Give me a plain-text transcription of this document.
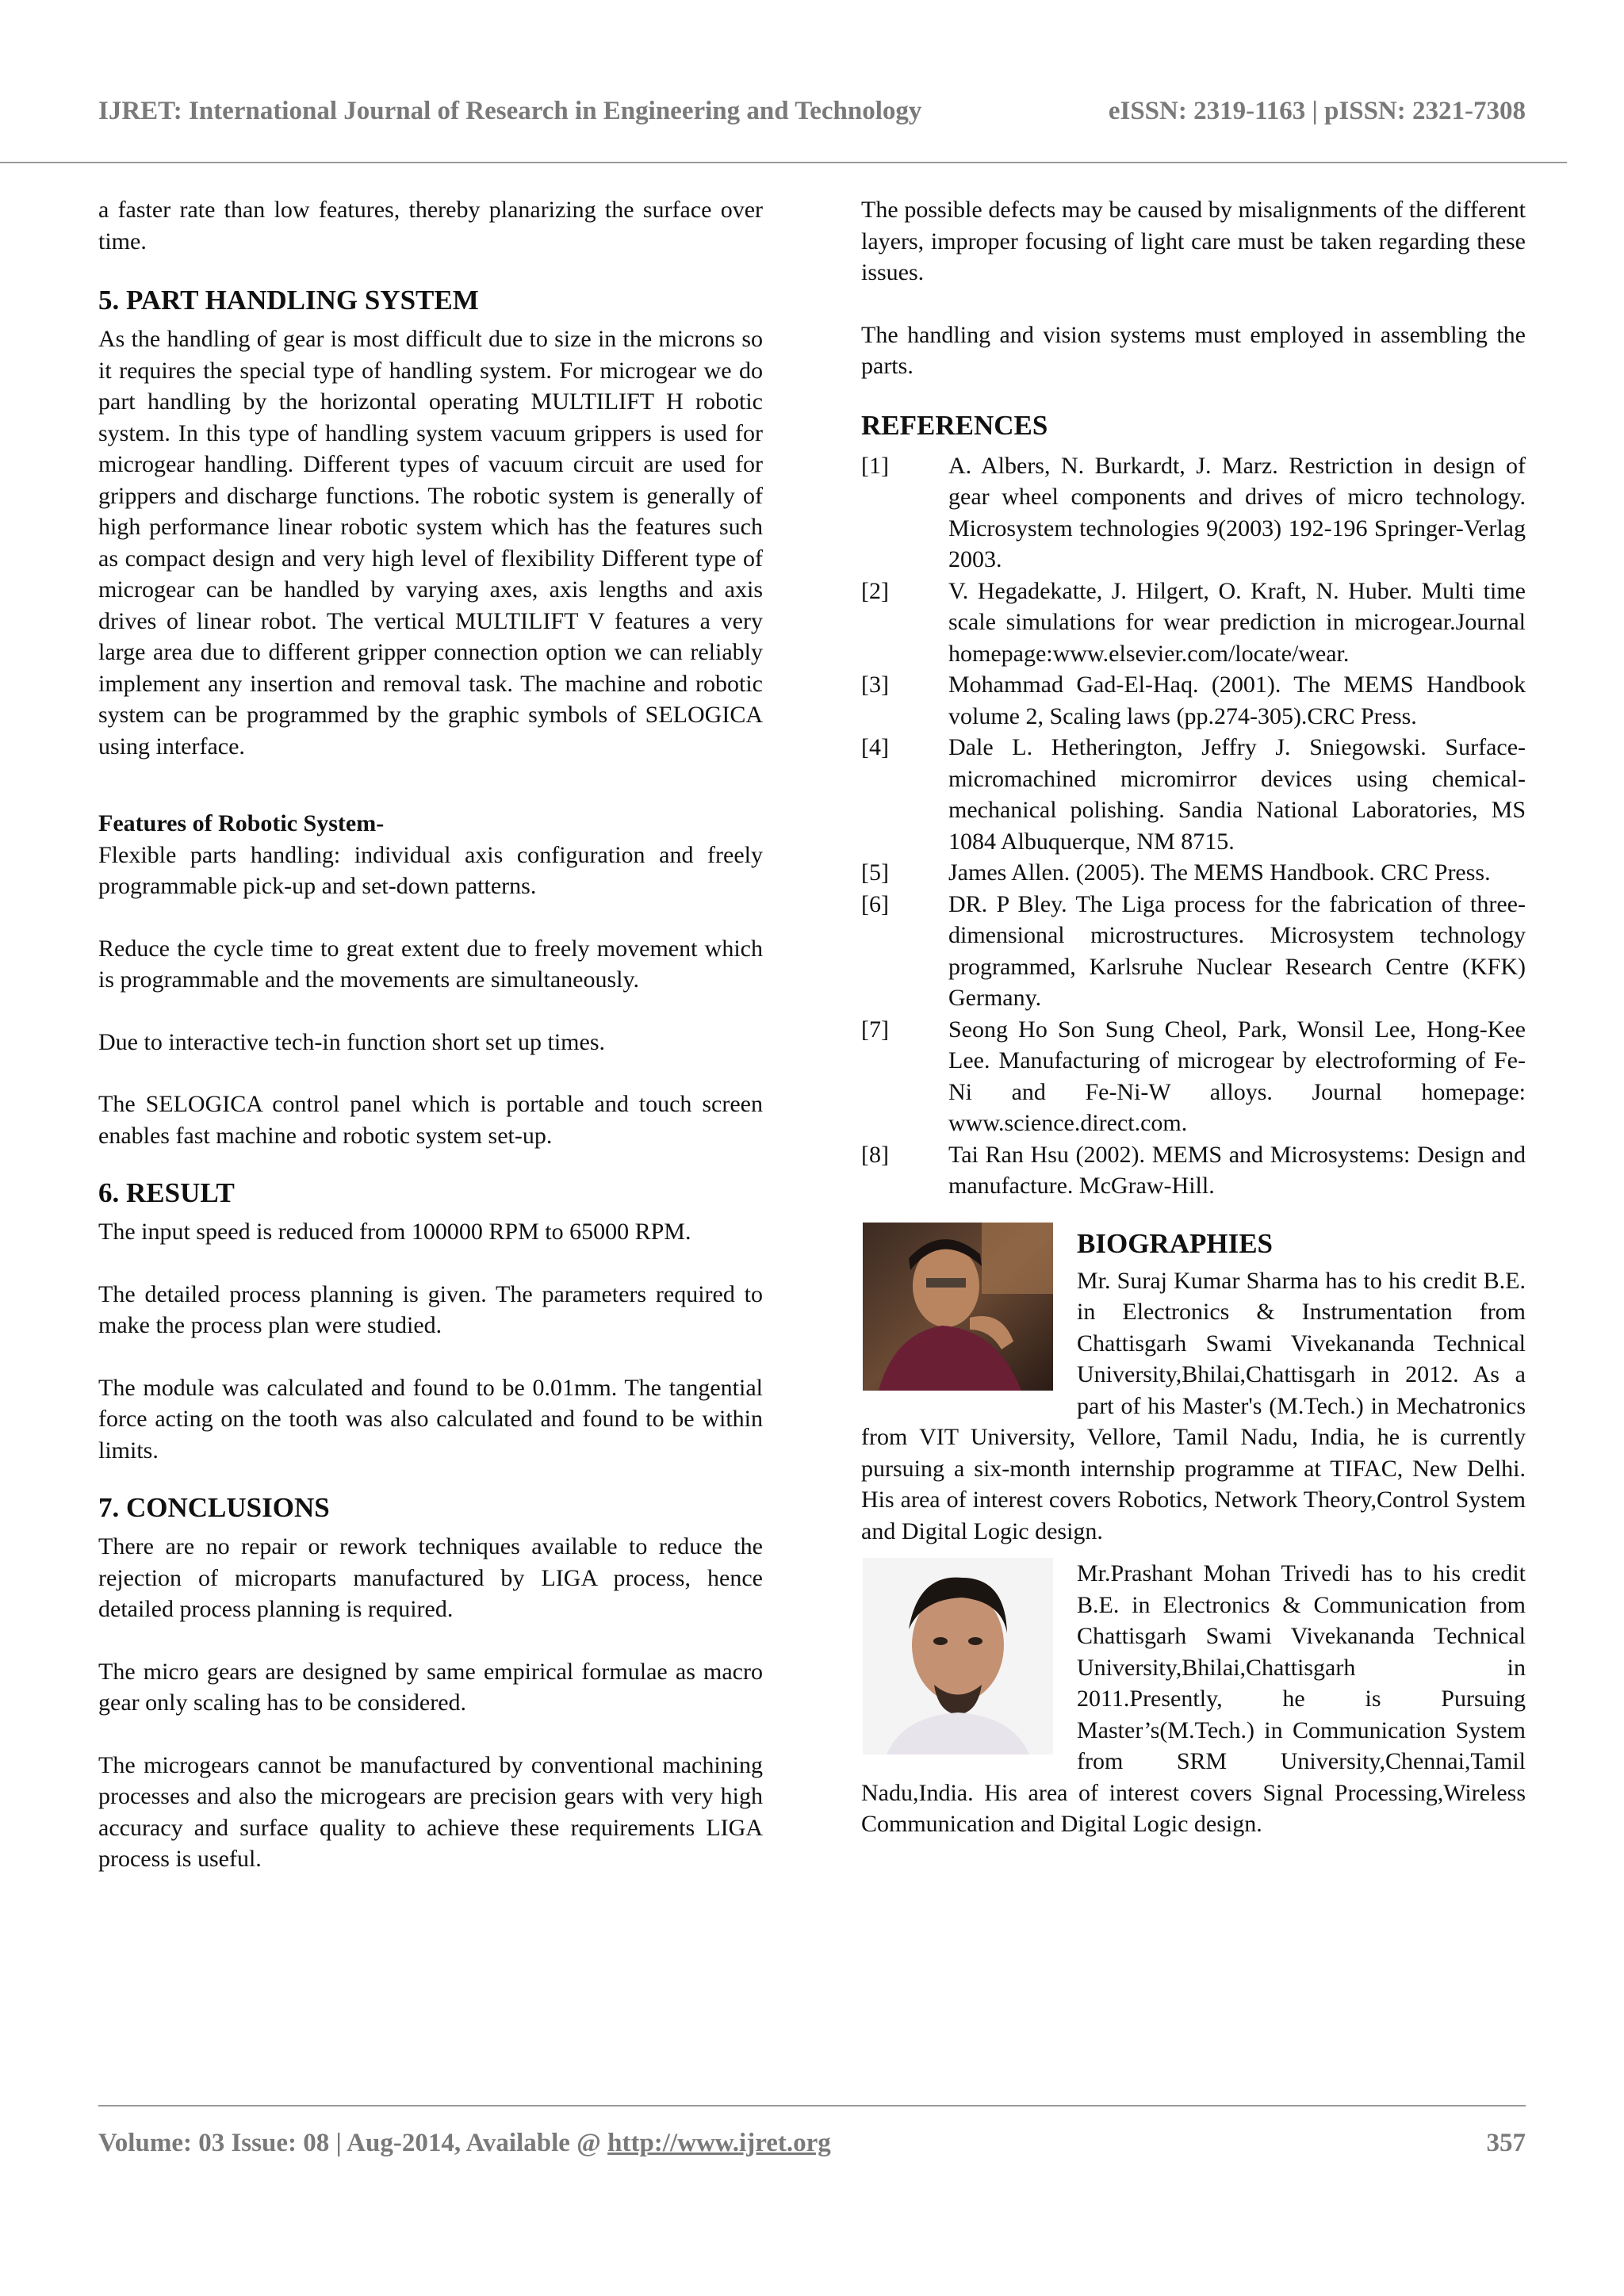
IJRET: International Journal of Research in Engineering and Technology	eISSN: 2319-1163 | pISSN: 2321-7308

a faster rate than low features, thereby planarizing the surface over time.

5. PART HANDLING SYSTEM

As the handling of gear is most difficult due to size in the microns so it requires the special type of handling system. For microgear we do part handling by the horizontal operating MULTILIFT H robotic system. In this type of handling system vacuum grippers is used for microgear handling. Different types of vacuum circuit are used for grippers and discharge functions. The robotic system is generally of high performance linear robotic system which has the features such as compact design and very high level of flexibility Different type of microgear can be handled by varying axes, axis lengths and axis drives of linear robot. The vertical MULTILIFT V features a very large area due to different gripper connection option we can reliably implement any insertion and removal task. The machine and robotic system can be programmed by the graphic symbols of SELOGICA using interface.

Features of Robotic System-

Flexible parts handling: individual axis configuration and freely programmable pick-up and set-down patterns.

Reduce the cycle time to great extent due to freely movement which is programmable and the movements are simultaneously.

Due to interactive tech-in function short set up times.

The SELOGICA control panel which is portable and touch screen enables fast machine and robotic system set-up.

6. RESULT

The input speed is reduced from 100000 RPM to 65000 RPM.

The detailed process planning is given. The parameters required to make the process plan were studied.

The module was calculated and found to be 0.01mm. The tangential force acting on the tooth was also calculated and found to be within limits.

7. CONCLUSIONS

There are no repair or rework techniques available to reduce the rejection of microparts manufactured by LIGA process, hence detailed process planning is required.

The micro gears are designed by same empirical formulae as macro gear only scaling has to be considered.

The microgears cannot be manufactured by conventional machining processes and also the microgears are precision gears with very high accuracy and surface quality to achieve these requirements LIGA process is useful.

The possible defects may be caused by misalignments of the different layers, improper focusing of light care must be taken regarding these issues.

The handling and vision systems must employed in assembling the parts.

REFERENCES
[1]	A. Albers, N. Burkardt, J. Marz. Restriction in design of gear wheel components and drives of micro technology. Microsystem technologies 9(2003) 192-196 Springer-Verlag 2003.
[2]	V. Hegadekatte, J. Hilgert, O. Kraft, N. Huber. Multi time scale simulations for wear prediction in microgear.Journal homepage:www.elsevier.com/locate/wear.
[3]	Mohammad Gad-El-Haq. (2001). The MEMS Handbook volume 2, Scaling laws (pp.274-305).CRC Press.
[4]	Dale L. Hetherington, Jeffry J. Sniegowski. Surface-micromachined micromirror devices using chemical-mechanical polishing. Sandia National Laboratories, MS 1084 Albuquerque, NM 8715.
[5]	James Allen. (2005). The MEMS Handbook. CRC Press.
[6]	DR. P Bley. The Liga process for the fabrication of three-dimensional microstructures. Microsystem technology programmed, Karlsruhe Nuclear Research Centre (KFK) Germany.
[7]	Seong Ho Son Sung Cheol, Park, Wonsil Lee, Hong-Kee Lee. Manufacturing of microgear by electroforming of Fe-Ni and Fe-Ni-W alloys. Journal homepage: www.science.direct.com.
[8]	Tai Ran Hsu (2002). MEMS and Microsystems: Design and manufacture. McGraw-Hill.
BIOGRAPHIES

Mr. Suraj Kumar Sharma has to his credit B.E. in Electronics & Instrumentation from Chattisgarh Swami Vivekananda Technical University,Bhilai,Chattisgarh in 2012. As a part of his Master's (M.Tech.) in Mechatronics from VIT University, Vellore, Tamil Nadu, India, he is currently pursuing a six-month internship programme at TIFAC, New Delhi. His area of interest covers Robotics, Network Theory,Control System and Digital Logic design.

Mr.Prashant Mohan Trivedi has to his credit B.E. in Electronics & Communication from Chattisgarh Swami Vivekananda Technical University,Bhilai,Chattisgarh in 2011.Presently, he is Pursuing Master’s(M.Tech.) in Communication System from SRM University,Chennai,Tamil Nadu,India. His area of interest covers Signal Processing,Wireless Communication and Digital Logic design.

Volume: 03 Issue: 08 | Aug-2014, Available @ http://www.ijret.org	357
